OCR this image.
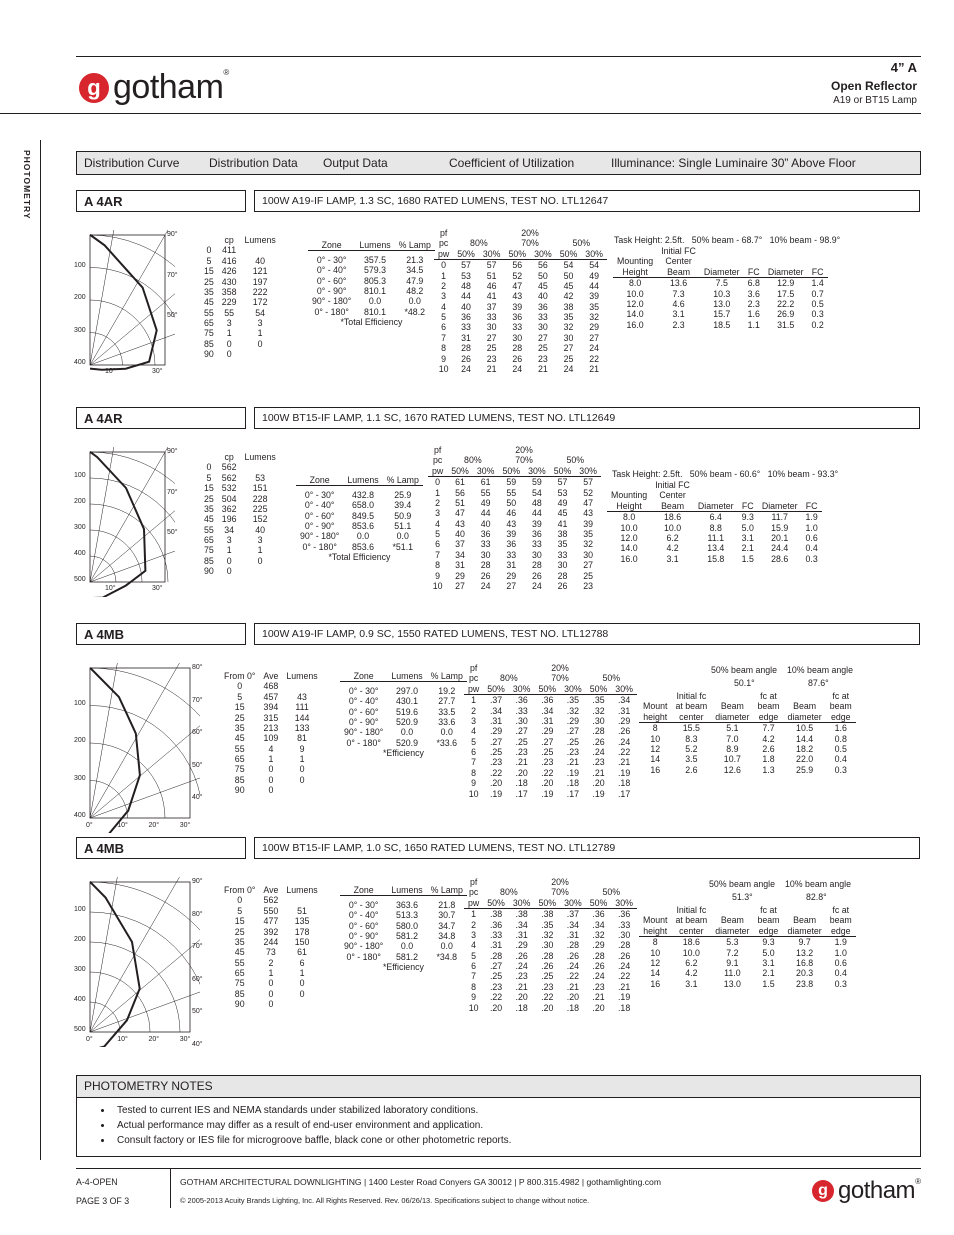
g gotham®	4” A
Open Reflector
A19 or BT15 Lamp
PHOTOMETRY	Distribution Curve Distribution Data Output Data	Coefficient of Utilization	Illuminance: Single Luminaire 30” Above Floor
A 4AR	100W A19-IF LAMP, 1.3 SC, 1680 RATED LUMENS, TEST NO. LTL12647
100
200
300
400
90°
70°
50°
30°
10°
	cp	Lumens
0	411	
5	416	40
15	426	121
25	430	197
35	358	222
45	229	172
55	55	54
65	3	3
75	1	1
85	0	0
90	0	
Zone	Lumens	% Lamp

0° - 30°	357.5	21.3
0° - 40°	579.3	34.5
0° - 60°	805.3	47.9
0° - 90°	810.1	48.2
90° - 180°	0.0	0.0
0° - 180°	810.1	*48.2
*Total Efficiency		
pf	20%					
pc	80%		70%		50%	
pw	50%	30%	50%	30%	50%	30%
0	57	57	56	56	54	54
1	53	51	52	50	50	49
2	48	46	47	45	45	44
3	44	41	43	40	42	39
4	40	37	39	36	38	35
5	36	33	36	33	35	32
6	33	30	33	30	32	29
7	31	27	30	27	30	27
8	28	25	28	25	27	24
9	26	23	26	23	25	22
10	24	21	24	21	24	21
Task Height: 2.5ft.   50% beam - 68.7°   10% beam - 98.9°
	Initial FC				
Mounting	Center				
Height	Beam	Diameter	FC	Diameter	FC
8.0	13.6	7.5	6.8	12.9	1.4
10.0	7.3	10.3	3.6	17.5	0.7
12.0	4.6	13.0	2.3	22.2	0.5
14.0	3.1	15.7	1.6	26.9	0.3
16.0	2.3	18.5	1.1	31.5	0.2
A 4AR	100W BT15-IF LAMP, 1.1 SC, 1670 RATED LUMENS, TEST NO. LTL12649
100
200
300
400
500
90°
70°
50°
30°
10°
	cp	Lumens
0	562	
5	562	53
15	532	151
25	504	228
35	362	225
45	196	152
55	34	40
65	3	3
75	1	1
85	0	0
90	0	
Zone	Lumens	% Lamp

0° - 30°	432.8	25.9
0° - 40°	658.0	39.4
0° - 60°	849.5	50.9
0° - 90°	853.6	51.1
90° - 180°	0.0	0.0
0° - 180°	853.6	*51.1
*Total Efficiency		
pf	20%					
pc	80%		70%		50%	
pw	50%	30%	50%	30%	50%	30%
0	61	61	59	59	57	57
1	56	55	55	54	53	52
2	51	49	50	48	49	47
3	47	44	46	44	45	43
4	43	40	43	39	41	39
5	40	36	39	36	38	35
6	37	33	36	33	35	32
7	34	30	33	30	33	30
8	31	28	31	28	30	27
9	29	26	29	26	28	25
10	27	24	27	24	26	23
Task Height: 2.5ft.   50% beam - 60.6°   10% beam - 93.3°
	Initial FC				
Mounting	Center				
Height	Beam	Diameter	FC	Diameter	FC
8.0	18.6	6.4	9.3	11.7	1.9
10.0	10.0	8.8	5.0	15.9	1.0
12.0	6.2	11.1	3.1	20.1	0.6
14.0	4.2	13.4	2.1	24.4	0.4
16.0	3.1	15.8	1.5	28.6	0.3
A 4MB	100W A19-IF LAMP, 0.9 SC, 1550 RATED LUMENS, TEST NO. LTL12788
100
200
300
400
80°
70°
60°
50°
40°
0°	10°	20°	30°
From 0°	Ave	Lumens
0	468	
5	457	43
15	394	111
25	315	144
35	213	133
45	109	81
55	4	9
65	1	1
75	0	0
85	0	0
90	0	
Zone	Lumens	% Lamp

0° - 30°	297.0	19.2
0° - 40°	430.1	27.7
0° - 60°	519.6	33.5
0° - 90°	520.9	33.6
90° - 180°	0.0	0.0
0° - 180°	520.9	*33.6
*Efficiency		
pf	20%					
pc	80%		70%		50%	
pw	50%	30%	50%	30%	50%	30%
1	.37	.36	.36	.35	.35	.34
2	.34	.33	.34	.32	.32	.31
3	.31	.30	.31	.29	.30	.29
4	.29	.27	.29	.27	.28	.26
5	.27	.25	.27	.25	.26	.24
6	.25	.23	.25	.23	.24	.22
7	.23	.21	.23	.21	.23	.21
8	.22	.20	.22	.19	.21	.19
9	.20	.18	.20	.18	.20	.18
10	.19	.17	.19	.17	.19	.17
50% beam angle 10% beam angle
50.1°	87.6°
	Initial fc		fc at		fc at
Mount	at beam	Beam	beam	Beam	beam
height	center	diameter	edge	diameter	edge
8	15.5	5.1	7.7	10.5	1.6
10	8.3	7.0	4.2	14.4	0.8
12	5.2	8.9	2.6	18.2	0.5
14	3.5	10.7	1.8	22.0	0.4
16	2.6	12.6	1.3	25.9	0.3
A 4MB	100W BT15-IF LAMP, 1.0 SC, 1650 RATED LUMENS, TEST NO. LTL12789
100
200
300
400
500
90°
80°
70°
60°
50°
40°
0°	10°	20°	30°
From 0°	Ave	Lumens
0	562	
5	550	51
15	477	135
25	392	178
35	244	150
45	73	61
55	2	6
65	1	1
75	0	0
85	0	0
90	0	
Zone	Lumens	% Lamp

0° - 30°	363.6	21.8
0° - 40°	513.3	30.7
0° - 60°	580.0	34.7
0° - 90°	581.2	34.8
90° - 180°	0.0	0.0
0° - 180°	581.2	*34.8
*Efficiency		
pf	20%					
pc	80%		70%		50%	
pw	50%	30%	50%	30%	50%	30%
1	.38	.38	.38	.37	.36	.36
2	.36	.34	.35	.34	.34	.33
3	.33	.31	.32	.31	.32	.30
4	.31	.29	.30	.28	.29	.28
5	.28	.26	.28	.26	.28	.26
6	.27	.24	.26	.24	.26	.24
7	.25	.23	.25	.22	.24	.22
8	.23	.21	.23	.21	.23	.21
9	.22	.20	.22	.20	.21	.19
10	.20	.18	.20	.18	.20	.18
50% beam angle 10% beam angle
51.3°	82.8°
	Initial fc		fc at		fc at
Mount	at beam	Beam	beam	Beam	beam
height	center	diameter	edge	diameter	edge
8	18.6	5.3	9.3	9.7	1.9
10	10.0	7.2	5.0	13.2	1.0
12	6.2	9.1	3.1	16.8	0.6
14	4.2	11.0	2.1	20.3	0.4
16	3.1	13.0	1.5	23.8	0.3
PHOTOMETRY NOTES
• Tested to current IES and NEMA standards under stabilized laboratory conditions.
• Actual performance may differ as a result of end-user environment and application.
• Consult factory or IES file for microgroove baffle, black cone or other photometric reports.
A-4-OPEN
PAGE 3 OF 3
GOTHAM ARCHITECTURAL DOWNLIGHTING | 1400 Lester Road Conyers GA 30012 | P 800.315.4982 | gothamlighting.com
© 2005-2013 Acuity Brands Lighting, Inc. All Rights Reserved. Rev. 06/26/13. Specifications subject to change without notice.
g gotham®
